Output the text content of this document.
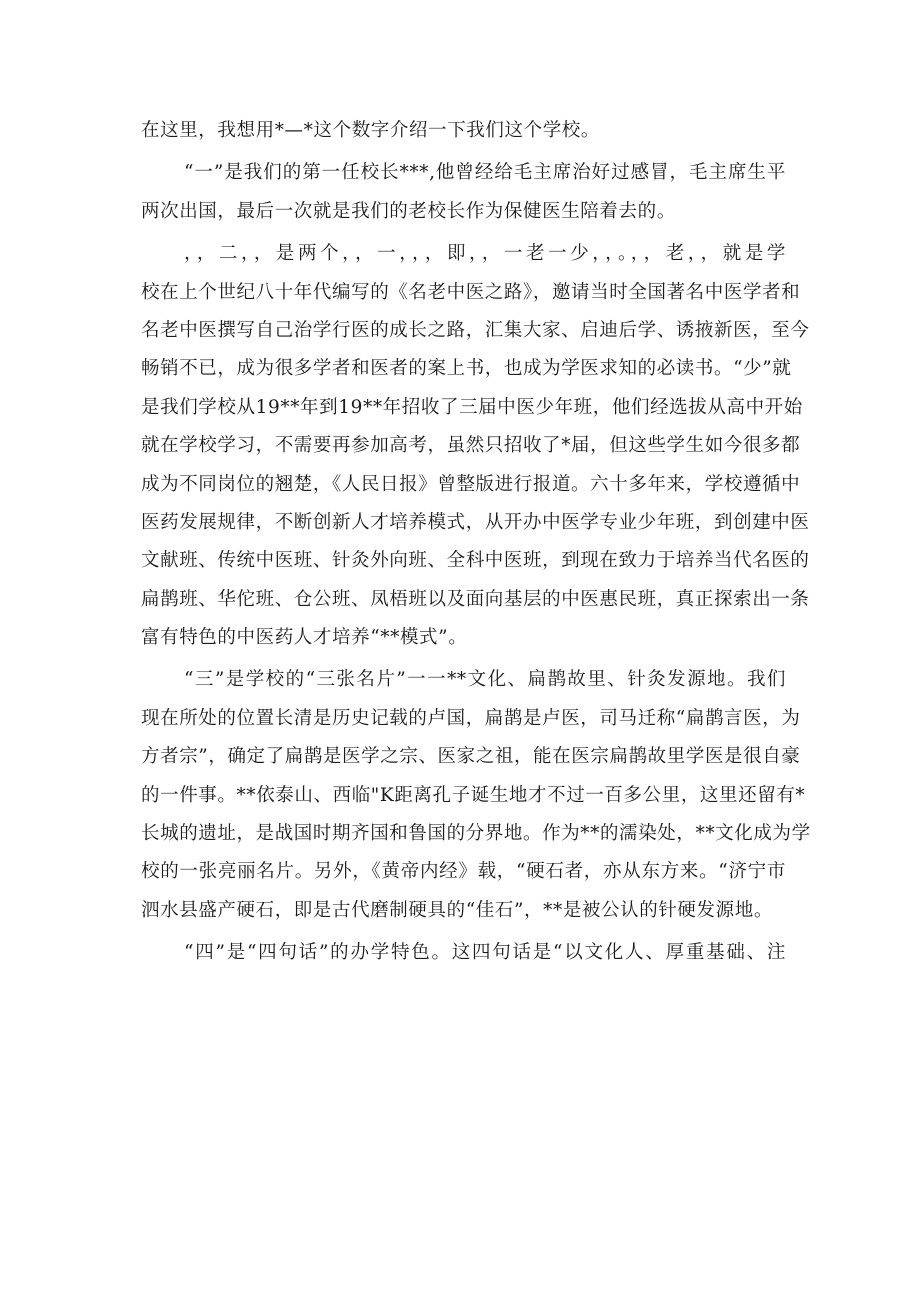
在这里，我想用*—*这个数字介绍一下我们这个学校。
“一”是我们的第一任校长***,他曾经给毛主席治好过感冒，毛主席生平
两次出国，最后一次就是我们的老校长作为保健医生陪着去的。
，，二，，是两个，，一，，，即，，一老一少，，。，，老，，就是学
校在上个世纪八十年代编写的《名老中医之路》，邀请当时全国著名中医学者和
名老中医撰写自己治学行医的成长之路，汇集大家、启迪后学、诱掖新医，至今
畅销不已，成为很多学者和医者的案上书，也成为学医求知的必读书。“少”就
是我们学校从19**年到19**年招收了三届中医少年班，他们经选拔从高中开始
就在学校学习，不需要再参加高考，虽然只招收了*届，但这些学生如今很多都
成为不同岗位的翘楚，《人民日报》曾整版进行报道。六十多年来，学校遵循中
医药发展规律，不断创新人才培养模式，从开办中医学专业少年班，到创建中医
文献班、传统中医班、针灸外向班、全科中医班，到现在致力于培养当代名医的
扁鹊班、华佗班、仓公班、凤梧班以及面向基层的中医惠民班，真正探索出一条
富有特色的中医药人才培养“**模式”。
“三”是学校的“三张名片”一一**文化、扁鹊故里、针灸发源地。我们
现在所处的位置长清是历史记载的卢国，扁鹊是卢医，司马迁称“扁鹊言医，为
方者宗”，确定了扁鹊是医学之宗、医家之祖，能在医宗扁鹊故里学医是很自豪
的一件事。**依泰山、西临"K距离孔子诞生地才不过一百多公里，这里还留有*
长城的遗址，是战国时期齐国和鲁国的分界地。作为**的濡染处，**文化成为学
校的一张亮丽名片。另外，《黄帝内经》载，“硬石者，亦从东方来。“济宁市
泗水县盛产硬石，即是古代磨制硬具的“佳石”，**是被公认的针硬发源地。
“四”是“四句话”的办学特色。这四句话是“以文化人、厚重基础、注
